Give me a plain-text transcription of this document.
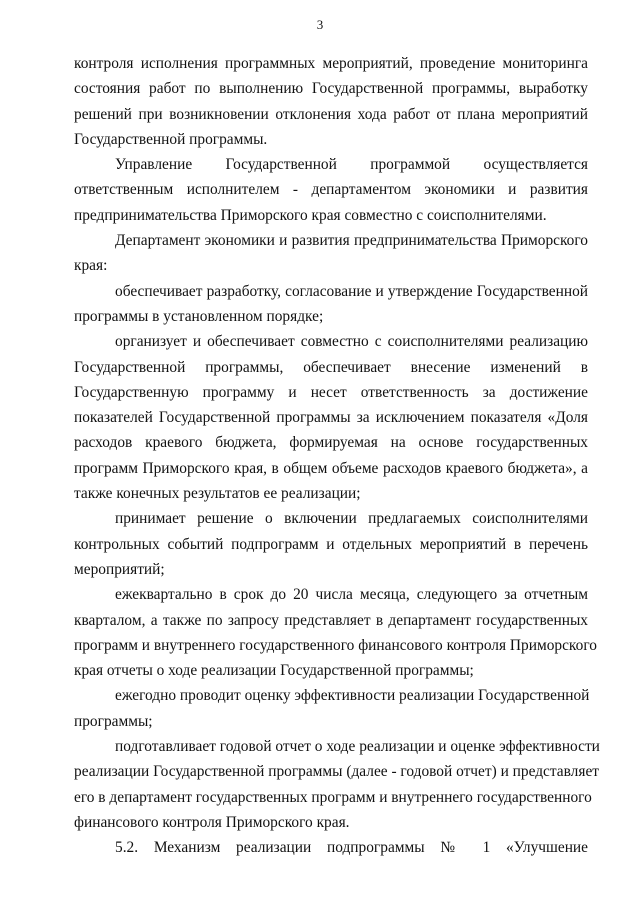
3

контроля исполнения программных мероприятий, проведение мониторинга
состояния работ по выполнению Государственной программы, выработку
решений при возникновении отклонения хода работ от плана мероприятий
Государственной программы.

Управление Государственной программой осуществляется
ответственным исполнителем - департаментом экономики и развития
предпринимательства Приморского края совместно с соисполнителями.

Департамент экономики и развития предпринимательства Приморского
края:

обеспечивает разработку, согласование и утверждение Государственной
программы в установленном порядке;

организует и обеспечивает совместно с соисполнителями реализацию
Государственной программы, обеспечивает внесение изменений в
Государственную программу и несет ответственность за достижение
показателей Государственной программы за исключением показателя «Доля
расходов краевого бюджета, формируемая на основе государственных
программ Приморского края, в общем объеме расходов краевого бюджета», а
также конечных результатов ее реализации;

принимает решение о включении предлагаемых соисполнителями
контрольных событий подпрограмм и отдельных мероприятий в перечень
мероприятий;

ежеквартально в срок до 20 числа месяца, следующего за отчетным
кварталом, а также по запросу представляет в департамент государственных
программ и внутреннего государственного финансового контроля Приморского
края отчеты о ходе реализации Государственной программы;

ежегодно проводит оценку эффективности реализации Государственной
программы;

подготавливает годовой отчет о ходе реализации и оценке эффективности
реализации Государственной программы (далее - годовой отчет) и представляет
его в департамент государственных программ и внутреннего государственного
финансового контроля Приморского края.

5.2. Механизм реализации подпрограммы № 1 «Улучшение
